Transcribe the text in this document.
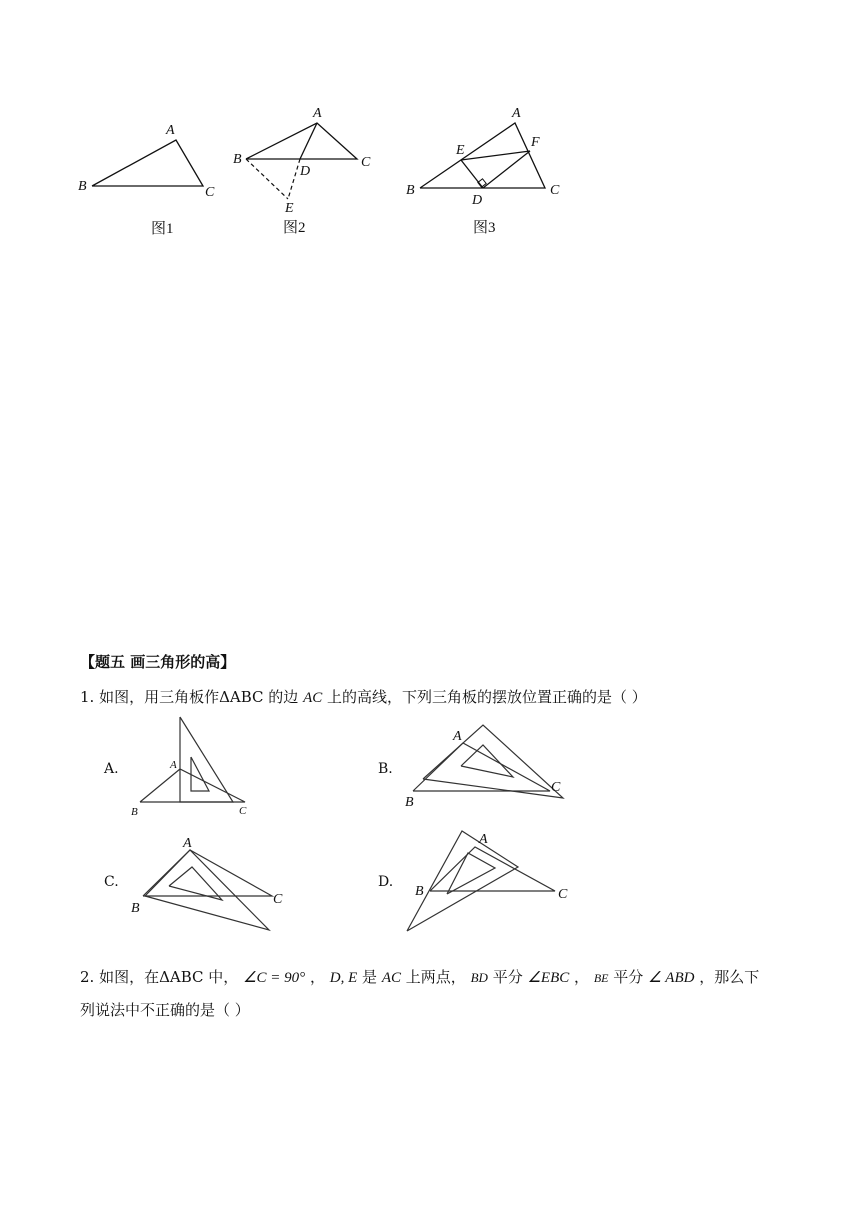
A
B	C
图1
A
B	C
D
E
图2
A
B	C
D
E
F
图3
【题五 画三角形的高】
1. 如图，用三角板作ΔABC 的边 AC 上的高线，下列三角板的摆放位置正确的是（ ）
A.	A
B	C
B.
A
B
C
C.
A
B
C
D.
A
B	C
2. 如图，在ΔABC 中， ∠C = 90° ， D, E 是 AC 上两点， BD 平分 ∠EBC ， BE 平分 ∠ ABD ，那么下
列说法中不正确的是（ ）
